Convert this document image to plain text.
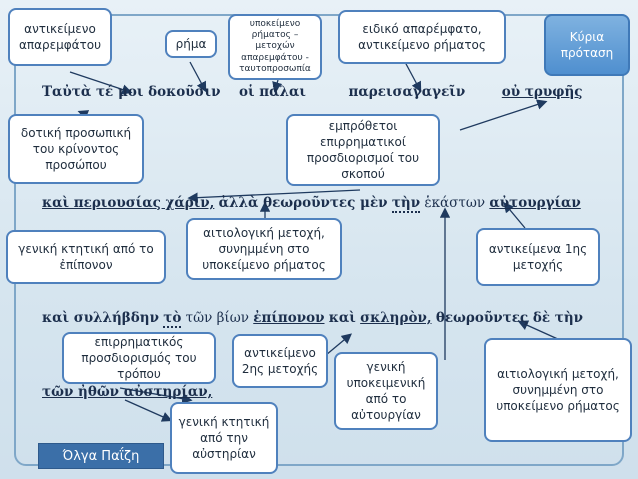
αντικείμενο απαρεμφάτου	ρήμα
υποκείμενο ρήματος – μετοχών απαρεμφάτου - ταυτοπροσωπία
ειδικό απαρέμφατο, αντικείμενο ρήματος
Κύρια πρόταση
δοτική προσωπική του κρίνοντος προσώπου
εμπρόθετοι επιρρηματικοί προσδιορισμοί του σκοπού
γενική κτητική από το ἐπίπονον
αιτιολογική μετοχή, συνημμένη στο υποκείμενο ρήματος
αντικείμενα 1ης μετοχής
επιρρηματικός προσδιορισμός του τρόπου
αντικείμενο 2ης μετοχής	γενική υποκειμενική από το αὐτουργίαν
αιτιολογική μετοχή, συνημμένη στο υποκείμενο ρήματος
γενική κτητική από την αὐστηρίαν
Ταὐτὰ τέ μοι δοκοῦσιν οἱ πάλαι	παρεισαγαγεῖν	οὐ τρυφῆς
καὶ περιουσίας χάριν, ἀλλὰ θεωροῦντες μὲν τὴν ἑκάστων αὐτουργίαν
καὶ συλλήβδην τὸ τῶν βίων ἐπίπονον καὶ σκληρὸν, θεωροῦντες δὲ τὴν
τῶν ἠθῶν αὐστηρίαν,
Όλγα Παΐζη
